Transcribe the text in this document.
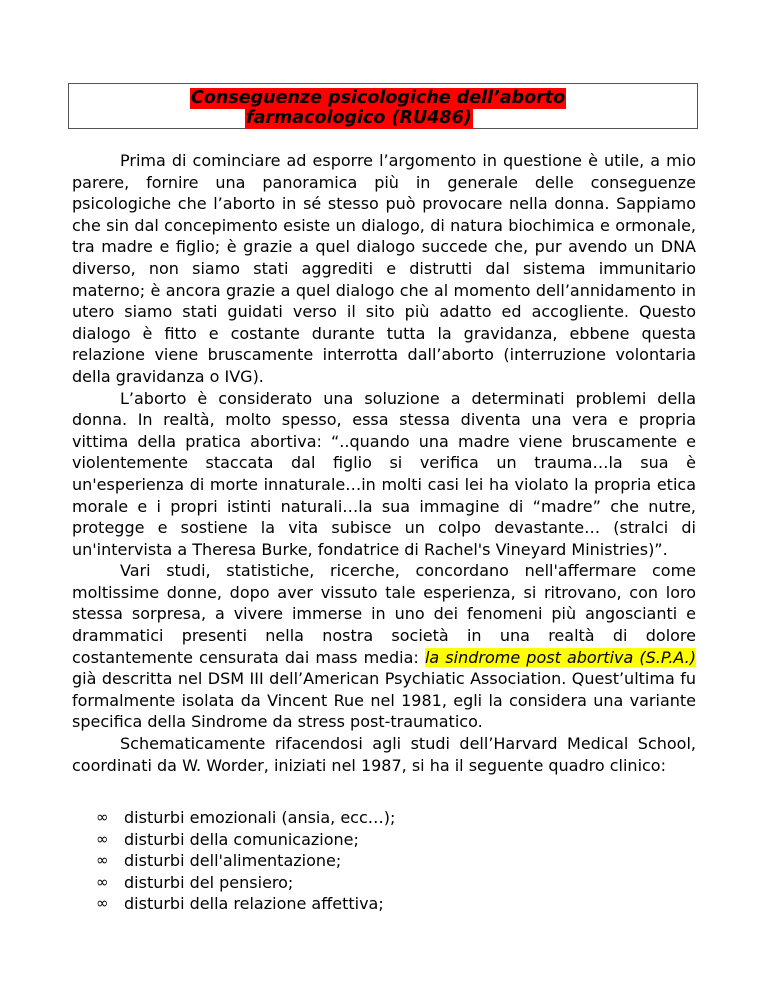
Conseguenze psicologiche dell’aborto
farmacologico (RU486)

Prima di cominciare ad esporre l’argomento in questione è utile, a mio parere, fornire una panoramica più in generale delle conseguenze psicologiche che l’aborto in sé stesso può provocare nella donna. Sappiamo che sin dal concepimento esiste un dialogo, di natura biochimica e ormonale, tra madre e figlio; è grazie a quel dialogo succede che, pur avendo un DNA diverso, non siamo stati aggrediti e distrutti dal sistema immunitario materno; è ancora grazie a quel dialogo che al momento dell’annidamento in utero siamo stati guidati verso il sito più adatto ed accogliente. Questo dialogo è fitto e costante durante tutta la gravidanza, ebbene questa relazione viene bruscamente interrotta dall’aborto (interruzione volontaria della gravidanza o IVG).

L’aborto è considerato una soluzione a determinati problemi della donna. In realtà, molto spesso, essa stessa diventa una vera e propria vittima della pratica abortiva: “..quando una madre viene bruscamente e violentemente staccata dal figlio si verifica un trauma…la sua è un'esperienza di morte innaturale…in molti casi lei ha violato la propria etica morale e i propri istinti naturali…la sua immagine di “madre” che nutre, protegge e sostiene la vita subisce un colpo devastante… (stralci di un'intervista a Theresa Burke, fondatrice di Rachel's Vineyard Ministries)”.

Vari studi, statistiche, ricerche, concordano nell'affermare come moltissime donne, dopo aver vissuto tale esperienza, si ritrovano, con loro stessa sorpresa, a vivere immerse in uno dei fenomeni più angoscianti e drammatici presenti nella nostra società in una realtà di dolore costantemente censurata dai mass media: la sindrome post abortiva (S.P.A.) già descritta nel DSM III dell’American Psychiatic Association. Quest’ultima fu formalmente isolata da Vincent Rue nel 1981, egli la considera una variante specifica della Sindrome da stress post-traumatico.

Schematicamente rifacendosi agli studi dell’Harvard Medical School, coordinati da W. Worder, iniziati nel 1987, si ha il seguente quadro clinico:

∞ disturbi emozionali (ansia, ecc…);
∞ disturbi della comunicazione;
∞ disturbi dell'alimentazione;
∞ disturbi del pensiero;
∞ disturbi della relazione affettiva;
